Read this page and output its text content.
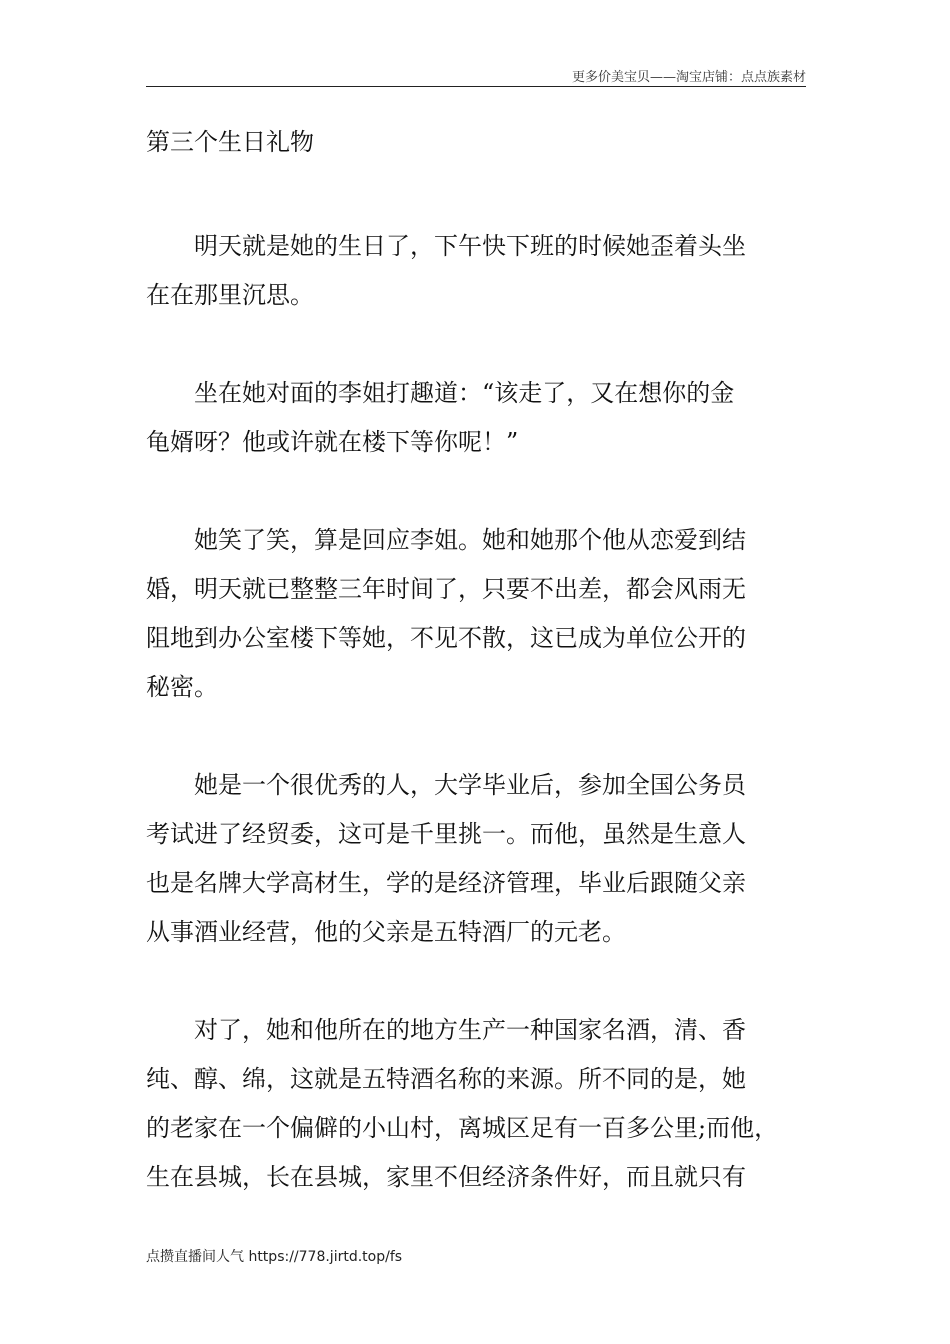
更多价美宝贝——淘宝店铺：点点族素材
第三个生日礼物
明天就是她的生日了，下午快下班的时候她歪着头坐
在在那里沉思。
坐在她对面的李姐打趣道：“该走了，又在想你的金
龟婿呀？他或许就在楼下等你呢！”
她笑了笑，算是回应李姐。她和她那个他从恋爱到结
婚，明天就已整整三年时间了，只要不出差，都会风雨无
阻地到办公室楼下等她，不见不散，这已成为单位公开的
秘密。
她是一个很优秀的人，大学毕业后，参加全国公务员
考试进了经贸委，这可是千里挑一。而他，虽然是生意人
也是名牌大学高材生，学的是经济管理，毕业后跟随父亲
从事酒业经营，他的父亲是五特酒厂的元老。
对了，她和他所在的地方生产一种国家名酒，清、香
纯、醇、绵，这就是五特酒名称的来源。所不同的是，她
的老家在一个偏僻的小山村，离城区足有一百多公里;而他，
生在县城，长在县城，家里不但经济条件好，而且就只有
点攒直播间人气 https://778.jirtd.top/fs
